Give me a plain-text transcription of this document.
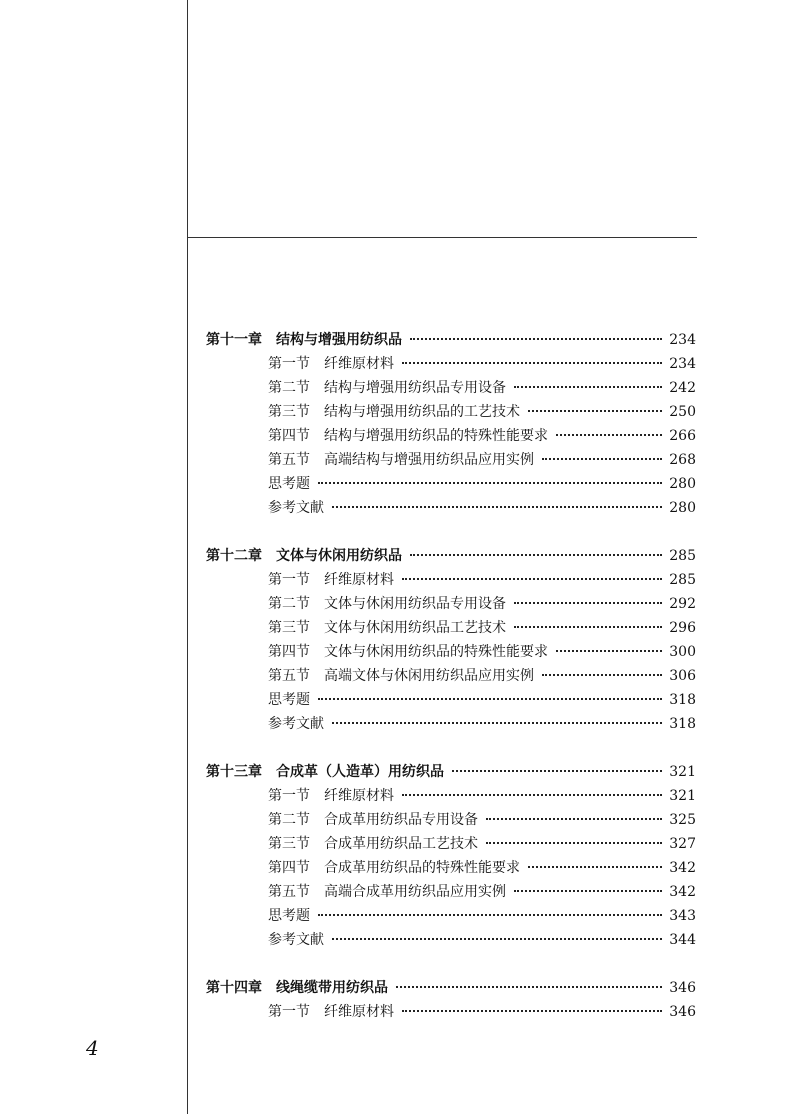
第十一章　结构与增强用纺织品	234
第一节　纤维原材料	234
第二节　结构与增强用纺织品专用设备	242
第三节　结构与增强用纺织品的工艺技术	250
第四节　结构与增强用纺织品的特殊性能要求	266
第五节　高端结构与增强用纺织品应用实例	268
思考题	280
参考文献	280
第十二章　文体与休闲用纺织品	285
第一节　纤维原材料	285
第二节　文体与休闲用纺织品专用设备	292
第三节　文体与休闲用纺织品工艺技术	296
第四节　文体与休闲用纺织品的特殊性能要求	300
第五节　高端文体与休闲用纺织品应用实例	306
思考题	318
参考文献	318
第十三章　合成革（人造革）用纺织品	321
第一节　纤维原材料	321
第二节　合成革用纺织品专用设备	325
第三节　合成革用纺织品工艺技术	327
第四节　合成革用纺织品的特殊性能要求	342
第五节　高端合成革用纺织品应用实例	342
思考题	343
参考文献	344
第十四章　线绳缆带用纺织品	346
第一节　纤维原材料	346
4
